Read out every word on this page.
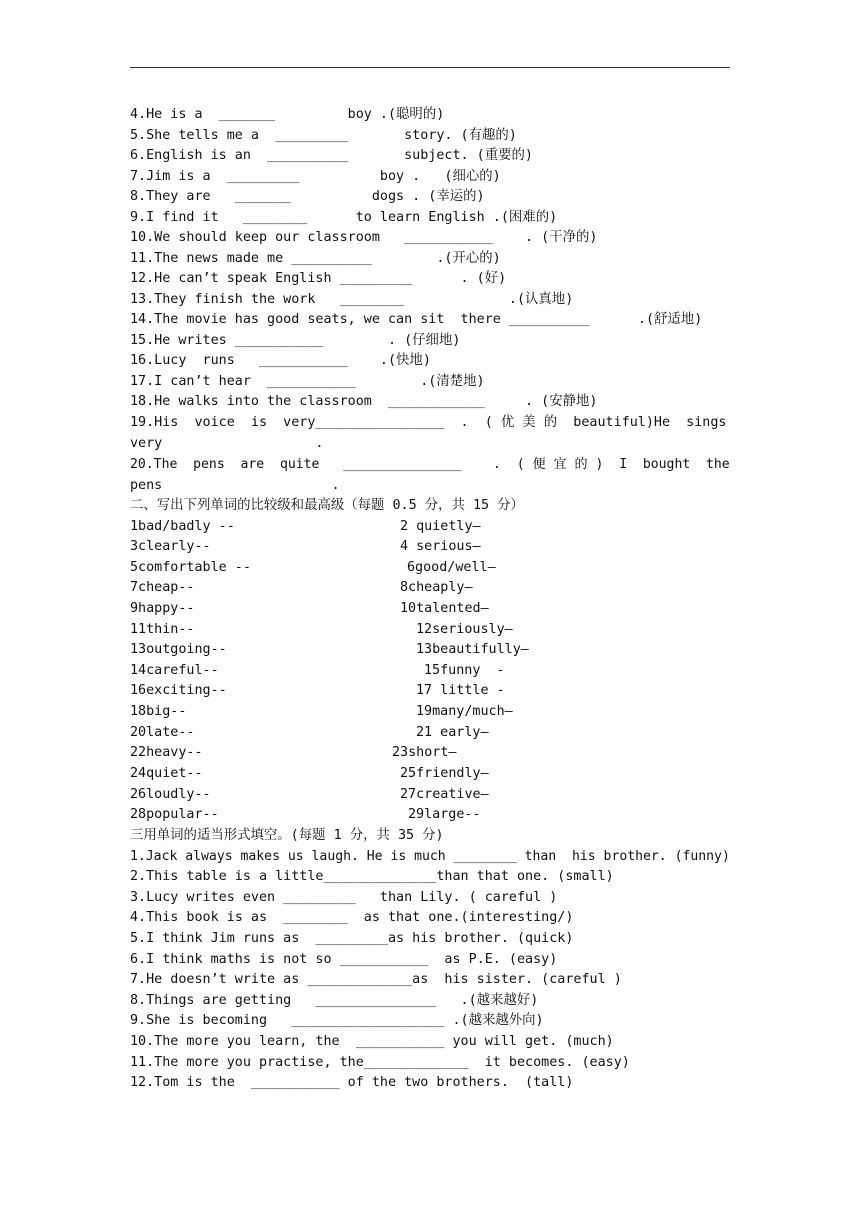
4.He is a  _______         boy .(聪明的)
5.She tells me a  _________       story. (有趣的)
6.English is an  __________       subject. (重要的)
7.Jim is a  _________          boy .   (细心的)
8.They are   _______          dogs . (幸运的)
9.I find it   ________      to learn English .(困难的)
10.We should keep our classroom   ___________    . (干净的)
11.The news made me __________        .(开心的)
12.He can’t speak English _________      . (好)
13.They finish the work   ________             .(认真地)
14.The movie has good seats, we can sit  there __________      .(舒适地)
15.He writes ___________        . (仔细地)
16.Lucy  runs   ___________    .(快地)
17.I can’t hear  ___________        .(清楚地)
18.He walks into the classroom  ____________     . (安静地)
19.His  voice  is  very________________  .  ( 优 美 的  beautiful)He  sings
very                   .
20.The  pens  are  quite   _______________    .  ( 便 宜 的 )  I  bought  the
pens                     .
二、写出下列单词的比较级和最高级（每题 0.5 分，共 15 分）
1bad/badly --	2 quietly—
3clearly--	4 serious—
5comfortable --	6good/well—
7cheap--	8cheaply—
9happy--	10talented—
11thin--	12seriously—
13outgoing--	13beautifully—
14careful--	15funny  -
16exciting--	17 little -
18big--	19many/much—
20late--	21 early—
22heavy--	23short—
24quiet--	25friendly—
26loudly--	27creative—
28popular--	29large--
三用单词的适当形式填空。(每题 1 分，共 35 分)
1.Jack always makes us laugh. He is much ________ than  his brother. (funny)
2.This table is a little______________than that one. (small)
3.Lucy writes even _________   than Lily. ( careful )
4.This book is as  ________  as that one.(interesting/)
5.I think Jim runs as  _________as his brother. (quick)
6.I think maths is not so ___________  as P.E. (easy)
7.He doesn’t write as _____________as  his sister. (careful )
8.Things are getting   _______________   .(越来越好)
9.She is becoming   ___________________ .(越来越外向)
10.The more you learn, the  ___________ you will get. (much)
11.The more you practise, the_____________  it becomes. (easy)
12.Tom is the  ___________ of the two brothers.  (tall)
